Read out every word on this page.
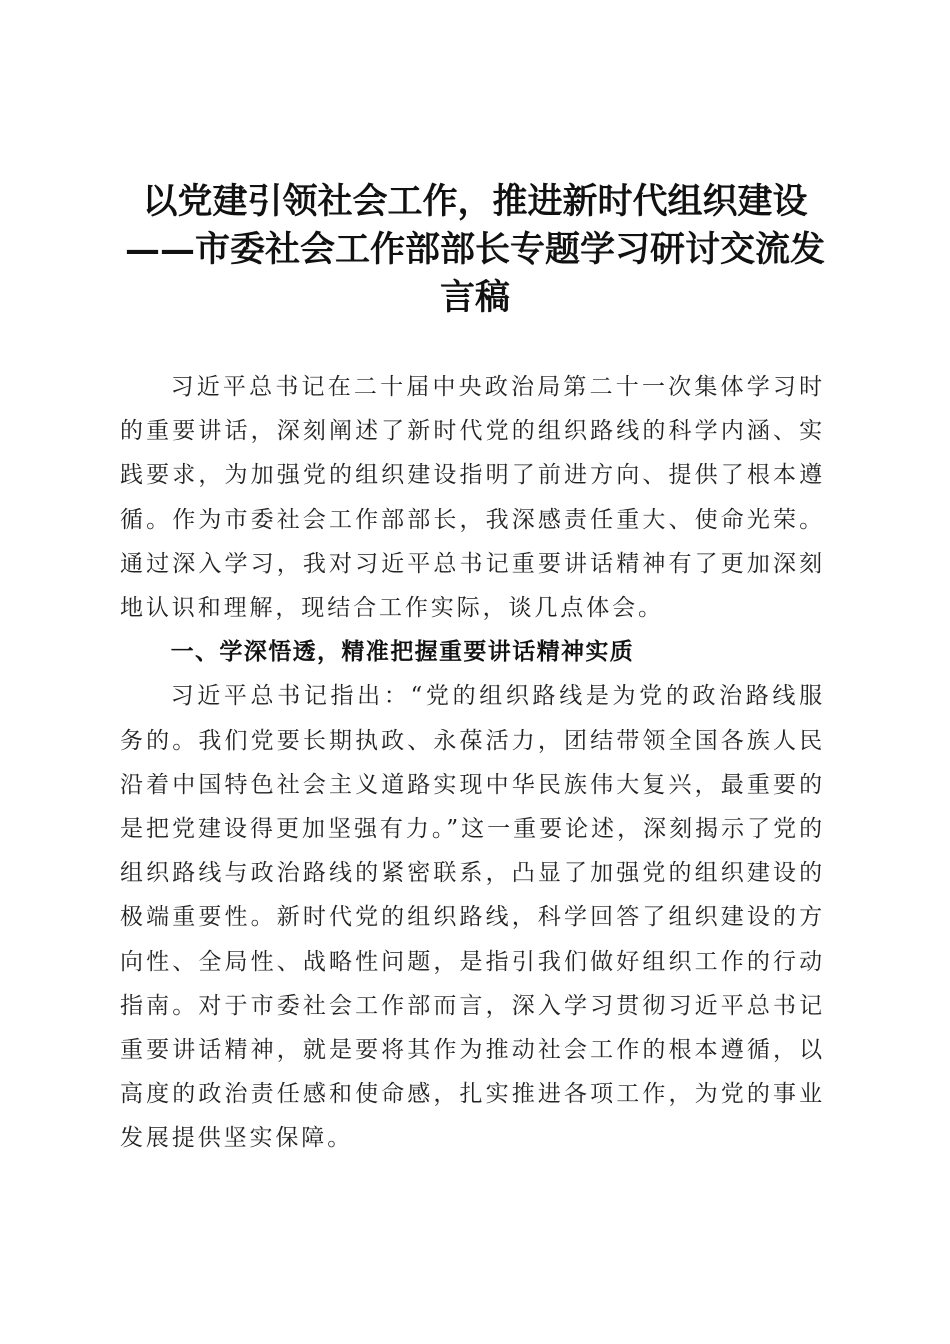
以党建引领社会工作，推进新时代组织建设
——市委社会工作部部长专题学习研讨交流发
言稿

习近平总书记在二十届中央政治局第二十一次集体学习时的重要讲话，深刻阐述了新时代党的组织路线的科学内涵、实践要求，为加强党的组织建设指明了前进方向、提供了根本遵循。作为市委社会工作部部长，我深感责任重大、使命光荣。通过深入学习，我对习近平总书记重要讲话精神有了更加深刻地认识和理解，现结合工作实际，谈几点体会。

一、学深悟透，精准把握重要讲话精神实质

习近平总书记指出：“党的组织路线是为党的政治路线服务的。我们党要长期执政、永葆活力，团结带领全国各族人民沿着中国特色社会主义道路实现中华民族伟大复兴，最重要的是把党建设得更加坚强有力。”这一重要论述，深刻揭示了党的组织路线与政治路线的紧密联系，凸显了加强党的组织建设的极端重要性。新时代党的组织路线，科学回答了组织建设的方向性、全局性、战略性问题，是指引我们做好组织工作的行动指南。对于市委社会工作部而言，深入学习贯彻习近平总书记重要讲话精神，就是要将其作为推动社会工作的根本遵循，以高度的政治责任感和使命感，扎实推进各项工作，为党的事业发展提供坚实保障。
